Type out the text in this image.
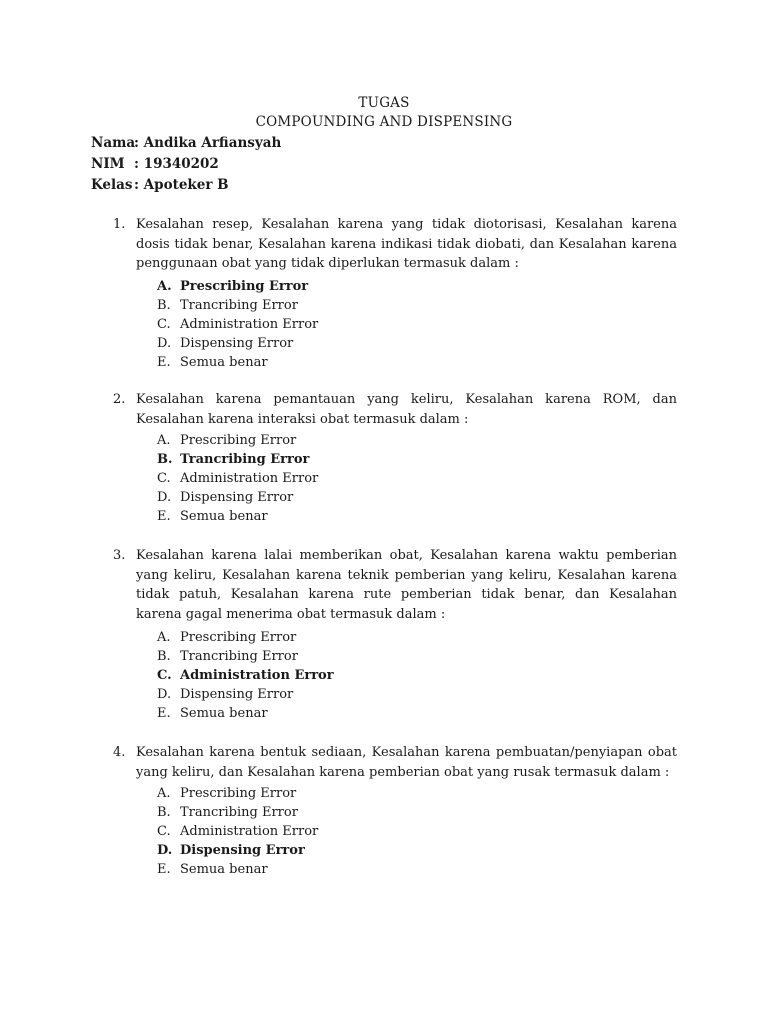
TUGAS

COMPOUNDING AND DISPENSING

Nama: Andika Arfiansyah

NIM : 19340202

Kelas: Apoteker B

1. Kesalahan resep, Kesalahan karena yang tidak diotorisasi, Kesalahan karena dosis tidak benar, Kesalahan karena indikasi tidak diobati, dan Kesalahan karena penggunaan obat yang tidak diperlukan termasuk dalam :

A. Prescribing Error
B. Trancribing Error
C. Administration Error
D. Dispensing Error
E. Semua benar

2. Kesalahan karena pemantauan yang keliru, Kesalahan karena ROM, dan Kesalahan karena interaksi obat termasuk dalam :

A. Prescribing Error
B. Trancribing Error
C. Administration Error
D. Dispensing Error
E. Semua benar

3. Kesalahan karena lalai memberikan obat, Kesalahan karena waktu pemberian yang keliru, Kesalahan karena teknik pemberian yang keliru, Kesalahan karena tidak patuh, Kesalahan karena rute pemberian tidak benar, dan Kesalahan karena gagal menerima obat termasuk dalam :

A. Prescribing Error
B. Trancribing Error
C. Administration Error
D. Dispensing Error
E. Semua benar

4. Kesalahan karena bentuk sediaan, Kesalahan karena pembuatan/penyiapan obat yang keliru, dan Kesalahan karena pemberian obat yang rusak termasuk dalam :

A. Prescribing Error
B. Trancribing Error
C. Administration Error
D. Dispensing Error
E. Semua benar
